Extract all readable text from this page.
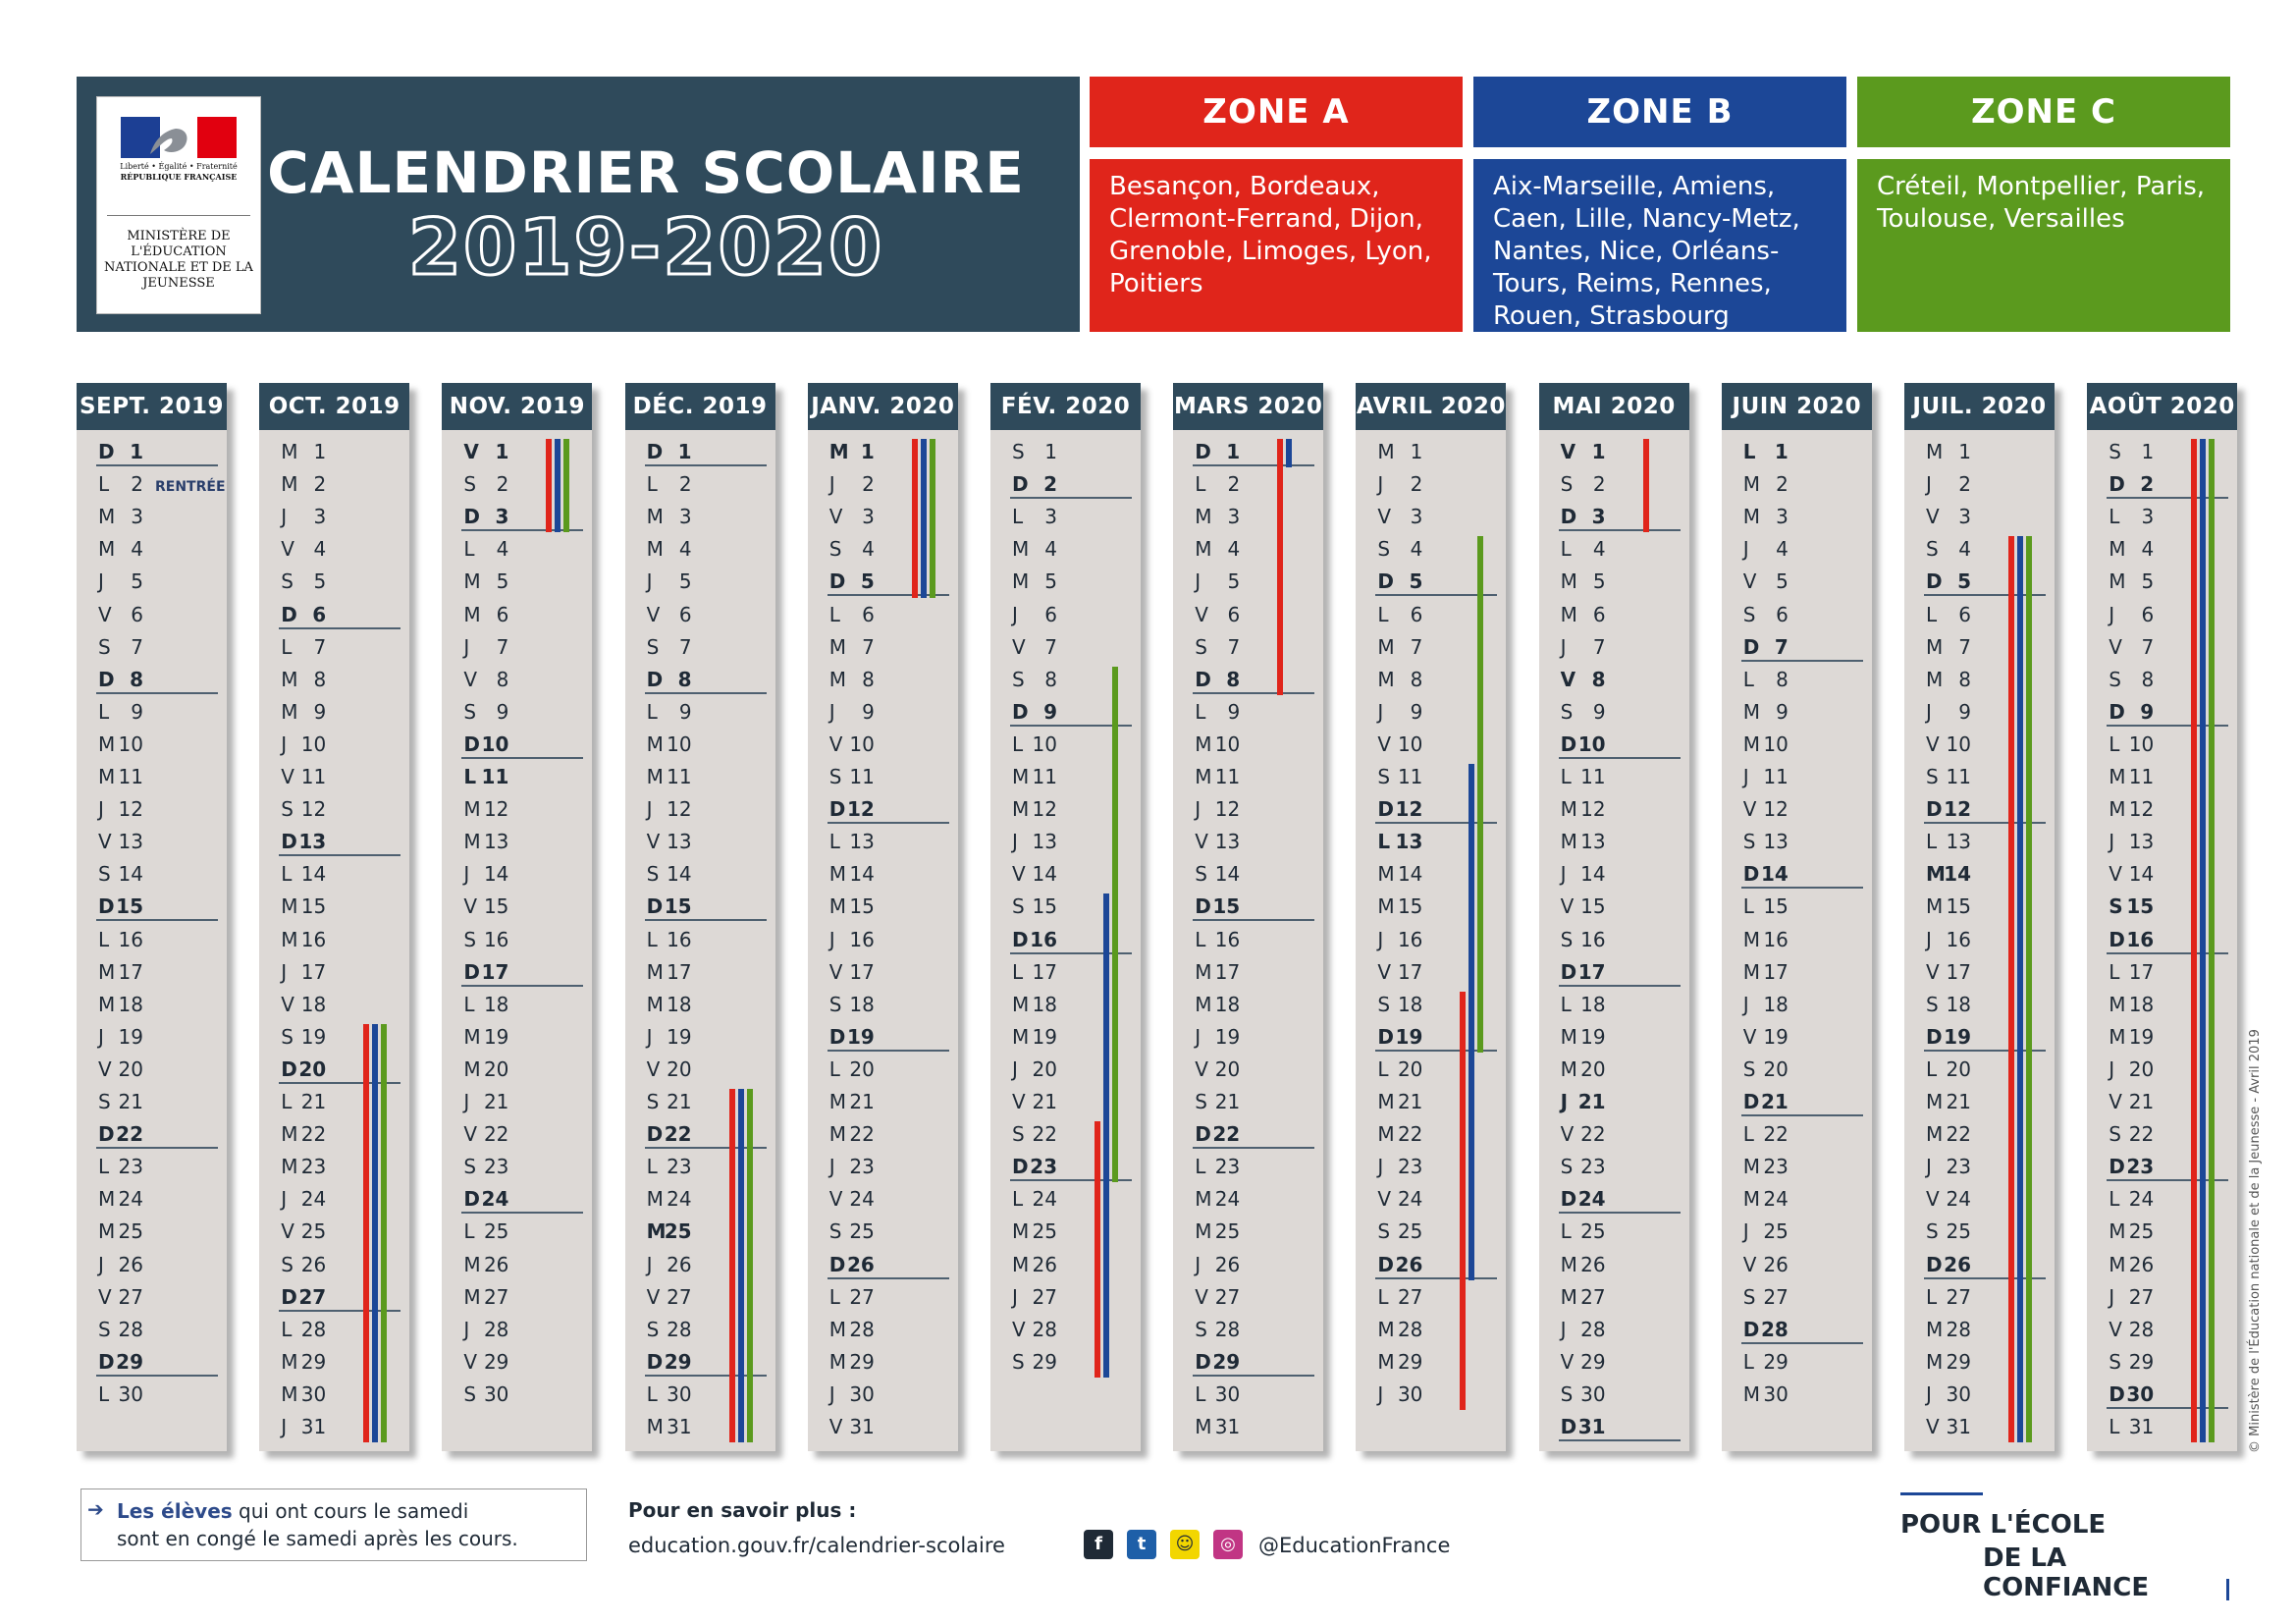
Liberté • Égalité • Fraternité
RÉPUBLIQUE FRANÇAISE
MINISTÈRE DE L'ÉDUCATION NATIONALE ET DE LA JEUNESSE
CALENDRIER SCOLAIRE
2019-2020
ZONE A
Besançon, Bordeaux, Clermont-Ferrand, Dijon, Grenoble, Limoges, Lyon, Poitiers
ZONE B
Aix-Marseille, Amiens, Caen, Lille, Nancy-Metz, Nantes, Nice, Orléans-Tours, Reims, Rennes, Rouen, Strasbourg
ZONE C
Créteil, Montpellier, Paris, Toulouse, Versailles
SEPT. 2019
D 1
L 2 RENTRÉE
M 3
M 4
J 5
V 6
S 7
D 8
L 9
M 10
M 11
J 12
V 13
S 14
D15
L 16
M 17
M 18
J 19
V 20
S 21
D22
L 23
M 24
M 25
J 26
V 27
S 28
D29
L 30
OCT. 2019
M 1
M 2
J 3
V 4
S 5
D 6
L 7
M 8
M 9
J 10
V 11
S 12
D13
L 14
M 15
M 16
J 17
V 18
S 19
D20
L 21
M 22
M 23
J 24
V 25
S 26
D27
L 28
M 29
M 30
J 31
NOV. 2019
V 1
S 2
D 3
L 4
M 5
M 6
J 7
V 8
S 9
D10
L 11
M 12
M 13
J 14
V 15
S 16
D17
L 18
M 19
M 20
J 21
V 22
S 23
D24
L 25
M 26
M 27
J 28
V 29
S 30
DÉC. 2019
D 1
L 2
M 3
M 4
J 5
V 6
S 7
D 8
L 9
M 10
M 11
J 12
V 13
S 14
D15
L 16
M 17
M 18
J 19
V 20
S 21
D22
L 23
M 24
M25
J 26
V 27
S 28
D29
L 30
M 31
JANV. 2020
M 1
J 2
V 3
S 4
D 5
L 6
M 7
M 8
J 9
V 10
S 11
D12
L 13
M 14
M 15
J 16
V 17
S 18
D19
L 20
M 21
M 22
J 23
V 24
S 25
D26
L 27
M 28
M 29
J 30
V 31
FÉV. 2020
S 1
D 2
L 3
M 4
M 5
J 6
V 7
S 8
D 9
L 10
M 11
M 12
J 13
V 14
S 15
D16
L 17
M 18
M 19
J 20
V 21
S 22
D23
L 24
M 25
M 26
J 27
V 28
S 29
MARS 2020
D 1
L 2
M 3
M 4
J 5
V 6
S 7
D 8
L 9
M 10
M 11
J 12
V 13
S 14
D15
L 16
M 17
M 18
J 19
V 20
S 21
D22
L 23
M 24
M 25
J 26
V 27
S 28
D29
L 30
M 31
AVRIL 2020
M 1
J 2
V 3
S 4
D 5
L 6
M 7
M 8
J 9
V 10
S 11
D12
L 13
M 14
M 15
J 16
V 17
S 18
D19
L 20
M 21
M 22
J 23
V 24
S 25
D26
L 27
M 28
M 29
J 30
MAI 2020
V 1
S 2
D 3
L 4
M 5
M 6
J 7
V 8
S 9
D10
L 11
M 12
M 13
J 14
V 15
S 16
D17
L 18
M 19
M 20
J 21
V 22
S 23
D24
L 25
M 26
M 27
J 28
V 29
S 30
D31
JUIN 2020
L 1
M 2
M 3
J 4
V 5
S 6
D 7
L 8
M 9
M 10
J 11
V 12
S 13
D14
L 15
M 16
M 17
J 18
V 19
S 20
D21
L 22
M 23
M 24
J 25
V 26
S 27
D28
L 29
M 30
JUIL. 2020
M 1
J 2
V 3
S 4
D 5
L 6
M 7
M 8
J 9
V 10
S 11
D12
L 13
M14
M 15
J 16
V 17
S 18
D19
L 20
M 21
M 22
J 23
V 24
S 25
D26
L 27
M 28
M 29
J 30
V 31
AOÛT 2020
S 1
D 2
L 3
M 4
M 5
J 6
V 7
S 8
D 9
L 10
M 11
M 12
J 13
V 14
S 15
D16
L 17
M 18
M 19
J 20
V 21
S 22
D23
L 24
M 25
M 26
J 27
V 28
S 29
D30
L 31
➔ Les élèves qui ont cours le samedi
sont en congé le samedi après les cours.
Pour en savoir plus :
education.gouv.fr/calendrier-scolaire	f	t	☺	◎	@EducationFrance
POUR L'ÉCOLE
DE LA CONFIANCE
© Ministère de l'Éducation nationale et de la Jeunesse - Avril 2019
